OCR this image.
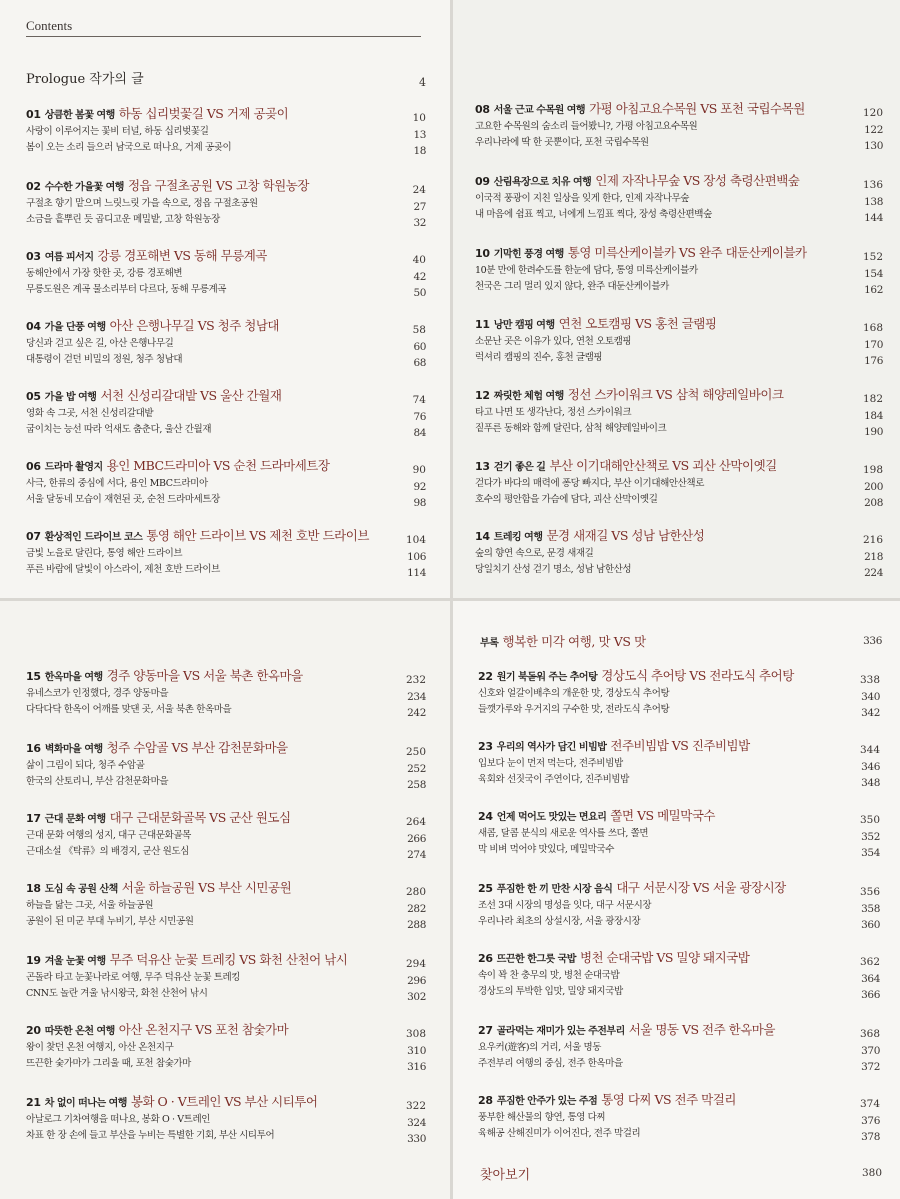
Contents
Prologue 작가의 글	4
01 상큼한 봄꽃 여행 하동 십리벚꽃길 VS 거제 공곶이	10
사랑이 이루어지는 꽃비 터널, 하동 십리벚꽃길	13
봄이 오는 소리 들으러 남국으로 떠나요, 거제 공곶이	18
02 수수한 가을꽃 여행 정읍 구절초공원 VS 고창 학원농장	24
구절초 향기 맡으며 느릿느릿 가을 속으로, 정읍 구절초공원	27
소금을 흩뿌린 듯 곱디고운 메밀밭, 고창 학원농장	32
03 여름 피서지 강릉 경포해변 VS 동해 무릉계곡	40
동해안에서 가장 핫한 곳, 강릉 경포해변	42
무릉도원은 계곡 물소리부터 다르다, 동해 무릉계곡	50
04 가을 단풍 여행 아산 은행나무길 VS 청주 청남대	58
당신과 걷고 싶은 길, 아산 은행나무길	60
대통령이 걷던 비밀의 정원, 청주 청남대	68
05 가을 밥 여행 서천 신성리갈대밭 VS 울산 간월재	74
영화 속 그곳, 서천 신성리갈대밭	76
굽이치는 능선 따라 억새도 춤춘다, 울산 간월재	84
06 드라마 촬영지 용인 MBC드라미아 VS 순천 드라마세트장	90
사극, 한류의 중심에 서다, 용인 MBC드라미아	92
서울 달동네 모습이 재현된 곳, 순천 드라마세트장	98
07 환상적인 드라이브 코스 통영 해안 드라이브 VS 제천 호반 드라이브	104
금빛 노을로 달린다, 통영 해안 드라이브	106
푸른 바람에 달빛이 아스라이, 제천 호반 드라이브	114
08 서울 근교 수목원 여행 가평 아침고요수목원 VS 포천 국립수목원	120
고요한 수목원의 숨소리 들어봤니?, 가평 아침고요수목원	122
우리나라에 딱 한 곳뿐이다, 포천 국립수목원	130
09 산림욕장으로 치유 여행 인제 자작나무숲 VS 장성 축령산편백숲	136
이국적 풍광이 지친 일상을 잊게 한다, 인제 자작나무숲	138
내 마음에 쉼표 찍고, 너에게 느낌표 찍다, 장성 축령산편백숲	144
10 기막힌 풍경 여행 통영 미륵산케이블카 VS 완주 대둔산케이블카	152
10분 만에 한려수도를 한눈에 담다, 통영 미륵산케이블카	154
천국은 그리 멀리 있지 않다, 완주 대둔산케이블카	162
11 낭만 캠핑 여행 연천 오토캠핑 VS 홍천 글램핑	168
소문난 곳은 이유가 있다, 연천 오토캠핑	170
럭셔리 캠핑의 진수, 홍천 글램핑	176
12 짜릿한 체험 여행 정선 스카이워크 VS 삼척 해양레일바이크	182
타고 나면 또 생각난다, 정선 스카이워크	184
짙푸른 동해와 함께 달린다, 삼척 해양레일바이크	190
13 걷기 좋은 길 부산 이기대해안산책로 VS 괴산 산막이옛길	198
걷다가 바다의 매력에 퐁당 빠지다, 부산 이기대해안산책로	200
호수의 평안함을 가슴에 담다, 괴산 산막이옛길	208
14 트레킹 여행 문경 새재길 VS 성남 남한산성	216
숲의 향연 속으로, 문경 새재길	218
당일치기 산성 걷기 명소, 성남 남한산성	224
15 한옥마을 여행 경주 양동마을 VS 서울 북촌 한옥마을	232
유네스코가 인정했다, 경주 양동마을	234
다닥다닥 한옥이 어깨를 맞댄 곳, 서울 북촌 한옥마을	242
16 벽화마을 여행 청주 수암골 VS 부산 감천문화마을	250
삶이 그림이 되다, 청주 수암골	252
한국의 산토리니, 부산 감천문화마을	258
17 근대 문화 여행 대구 근대문화골목 VS 군산 원도심	264
근대 문화 여행의 성지, 대구 근대문화골목	266
근대소설 《탁류》의 배경지, 군산 원도심	274
18 도심 속 공원 산책 서울 하늘공원 VS 부산 시민공원	280
하늘을 닮는 그곳, 서울 하늘공원	282
공원이 된 미군 부대 누비기, 부산 시민공원	288
19 겨울 눈꽃 여행 무주 덕유산 눈꽃 트레킹 VS 화천 산천어 낚시	294
곤돌라 타고 눈꽃나라로 여행, 무주 덕유산 눈꽃 트레킹	296
CNN도 놀란 겨울 낚시왕국, 화천 산천어 낚시	302
20 따뜻한 온천 여행 아산 온천지구 VS 포천 참숯가마	308
왕이 찾던 온천 여행지, 아산 온천지구	310
뜨끈한 숯가마가 그리울 때, 포천 참숯가마	316
21 차 없이 떠나는 여행 봉화 O · V트레인 VS 부산 시티투어	322
아날로그 기차여행을 떠나요, 봉화 O · V트레인	324
차표 한 장 손에 들고 부산을 누비는 특별한 기회, 부산 시티투어	330
22 원기 북돋워 주는 추어탕 경상도식 추어탕 VS 전라도식 추어탕	338
신호와 얼갈이배추의 개운한 맛, 경상도식 추어탕	340
들깻가루와 우거지의 구수한 맛, 전라도식 추어탕	342
23 우리의 역사가 담긴 비빔밥 전주비빔밥 VS 진주비빔밥	344
입보다 눈이 먼저 먹는다, 전주비빔밥	346
육회와 선짓국이 주연이다, 진주비빔밥	348
24 언제 먹어도 맛있는 면요리 쫄면 VS 메밀막국수	350
새콤, 달콤 분식의 새로운 역사를 쓰다, 쫄면	352
막 비벼 먹어야 맛있다, 메밀막국수	354
25 푸짐한 한 끼 만찬 시장 음식 대구 서문시장 VS 서울 광장시장	356
조선 3대 시장의 명성을 잇다, 대구 서문시장	358
우리나라 최초의 상설시장, 서울 광장시장	360
26 뜨끈한 한그릇 국밥 병천 순대국밥 VS 밀양 돼지국밥	362
속이 꽉 찬 충무의 맛, 병천 순대국밥	364
경상도의 투박한 입맛, 밀양 돼지국밥	366
27 골라먹는 재미가 있는 주전부리 서울 명동 VS 전주 한옥마을	368
요우커(遊客)의 거리, 서울 명동	370
주전부리 여행의 중심, 전주 한옥마을	372
28 푸짐한 안주가 있는 주점 통영 다찌 VS 전주 막걸리	374
풍부한 해산물의 향연, 통영 다찌	376
육해공 산해진미가 이어진다, 전주 막걸리	378
부록 행복한 미각 여행, 맛 VS 맛	336
찾아보기	380
